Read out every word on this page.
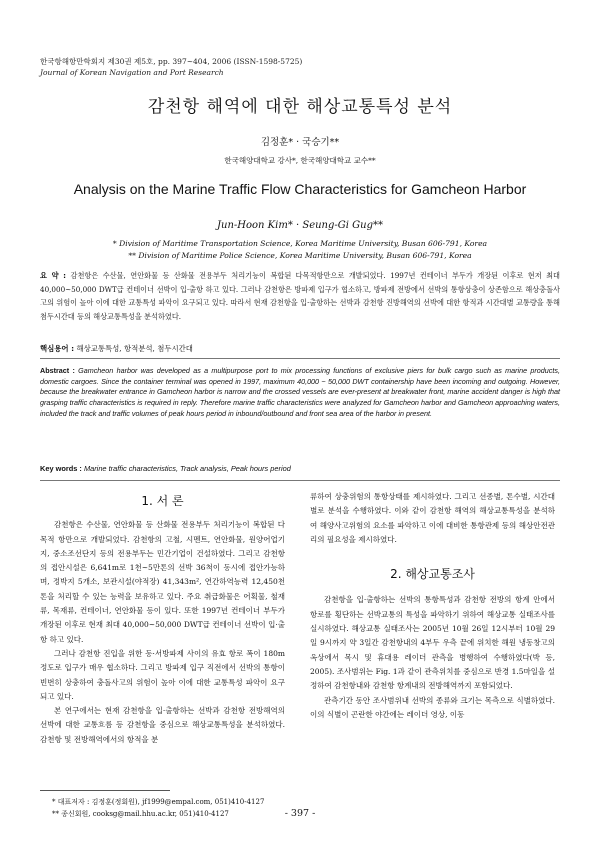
한국항해항만학회지 제30권 제5호, pp. 397~404, 2006 (ISSN-1598-5725)
Journal of Korean Navigation and Port Research
감천항 해역에 대한 해상교통특성 분석
김정훈* · 국승기**
한국해양대학교 강사*, 한국해양대학교 교수**
Analysis on the Marine Traffic Flow Characteristics for Gamcheon Harbor
Jun-Hoon Kim* · Seung-Gi Gug**
* Division of Maritime Transportation Science, Korea Maritime University, Busan 606-791, Korea
** Division of Maritime Police Science, Korea Maritime University, Busan 606-791, Korea
요 약 : 감천항은 수산물, 연안화물 등 산화물 전용부두 처리기능이 복합된 다목적항만으로 개발되었다. 1997년 컨테이너 부두가 개장된 이후로 현저 최대 40,000~50,000 DWT급 컨테이너 선박이 입·출항 하고 있다. 그러나 감천항은 방파제 입구가 협소하고, 방파제 전방에서 선박의 통항상충이 상존함으로 해상충돌사고의 위험이 높아 이에 대한 교통특성 파악이 요구되고 있다. 따라서 현재 감천항을 입·출항하는 선박과 감천항 진방해역의 선박에 대한 항적과 시간대별 교통량을 통해 첨두시간대 등의 해상교통특성을 분석하였다.
핵심용어 : 해상교통특성, 항적분석, 첨두시간대
Abstract : Gamcheon harbor was developed as a multipurpose port to mix processing functions of exclusive piers for bulk cargo such as marine products, domestic cargoes. Since the container terminal was opened in 1997, maximum 40,000 ~ 50,000 DWT containership have been incoming and outgoing. However, because the breakwater entrance in Gamcheon harbor is narrow and the crossed vessels are ever-present at breakwater front, marine accident danger is high that grasping traffic characteristics is required in reply. Therefore marine traffic characteristics were analyzed for Gamcheon harbor and Gamcheon approaching waters, included the track and traffic volumes of peak hours period in inbound/outbound and front sea area of the harbor in present.
Key words : Marine traffic characteristics, Track analysis, Peak hours period
1. 서 론

감천항은 수산물, 연안화물 등 산화물 전용부두 처리기능이 복합된 다목적 항만으로 개발되었다. 감천항의 고철, 시멘트, 연안화물, 원양어업기지, 중소조선단지 등의 전용부두는 민간기업이 건설하였다. 그리고 감천항의 접안시설은 6,641m로 1천~5만톤의 선박 36척이 동시에 접안가능하며, 정박지 5개소, 보관시설(야적장) 41,343m², 연간하역능력 12,450천톤을 처리할 수 있는 능력을 보유하고 있다. 주요 취급화물은 어획물, 철재류, 목재류, 컨테이너, 연안화물 등이 있다. 또한 1997년 컨테이너 부두가 개장된 이후로 현재 최대 40,000~50,000 DWT급 컨테이너 선박이 입·출항 하고 있다.

그러나 감천항 진입을 위한 동·서방파제 사이의 유효 항로 폭이 180m 정도로 입구가 매우 협소하다. 그리고 방파제 입구 직전에서 선박의 통항이 빈번히 상충하여 충돌사고의 위험이 높아 이에 대한 교통특성 파악이 요구되고 있다.

본 연구에서는 현재 감천항을 입·출항하는 선박과 감천항 전방해역의 선박에 대한 교통흐름 등 감천항을 중심으로 해상교통특성을 분석하였다. 감천항 및 전방해역에서의 항적을 분

류하여 상충위험의 통항상태를 제시하였다. 그리고 선종별, 톤수별, 시간대별로 분석을 수행하였다. 이와 같이 감천항 해역의 해상교통특성을 분석하여 해양사고위험의 요소를 파악하고 이에 대비한 통항관제 등의 해상안전관리의 필요성을 제시하였다.

2. 해상교통조사

감천항을 입·출항하는 선박의 통항특성과 감천항 전방의 항계 안에서 항로를 횡단하는 선박교통의 특성을 파악하기 위하여 해상교통 실태조사를 실시하였다. 해상교통 실태조사는 2005년 10월 26일 12시부터 10월 29일 9시까지 약 3일간 감천항내의 4부두 우측 끝에 위치한 해원 냉동창고의 옥상에서 목시 및 휴대용 레이더 관측을 병행하여 수행하였다(박 등, 2005). 조사범위는 Fig. 1과 같이 관측위치를 중심으로 반경 1.5마일을 설정하여 감천항내와 감천항 항계내의 전방해역까지 포함되었다.

관측기간 동안 조사범위내 선박의 종류와 크기는 목측으로 식별하였다. 이의 식별이 곤란한 야간에는 레이더 영상, 이동

* 대표저자 : 김정훈(정회원), jf1999@empal.com, 051)410-4127
** 종신회원, cooksg@mail.hhu.ac.kr, 051)410-4127	- 397 -
